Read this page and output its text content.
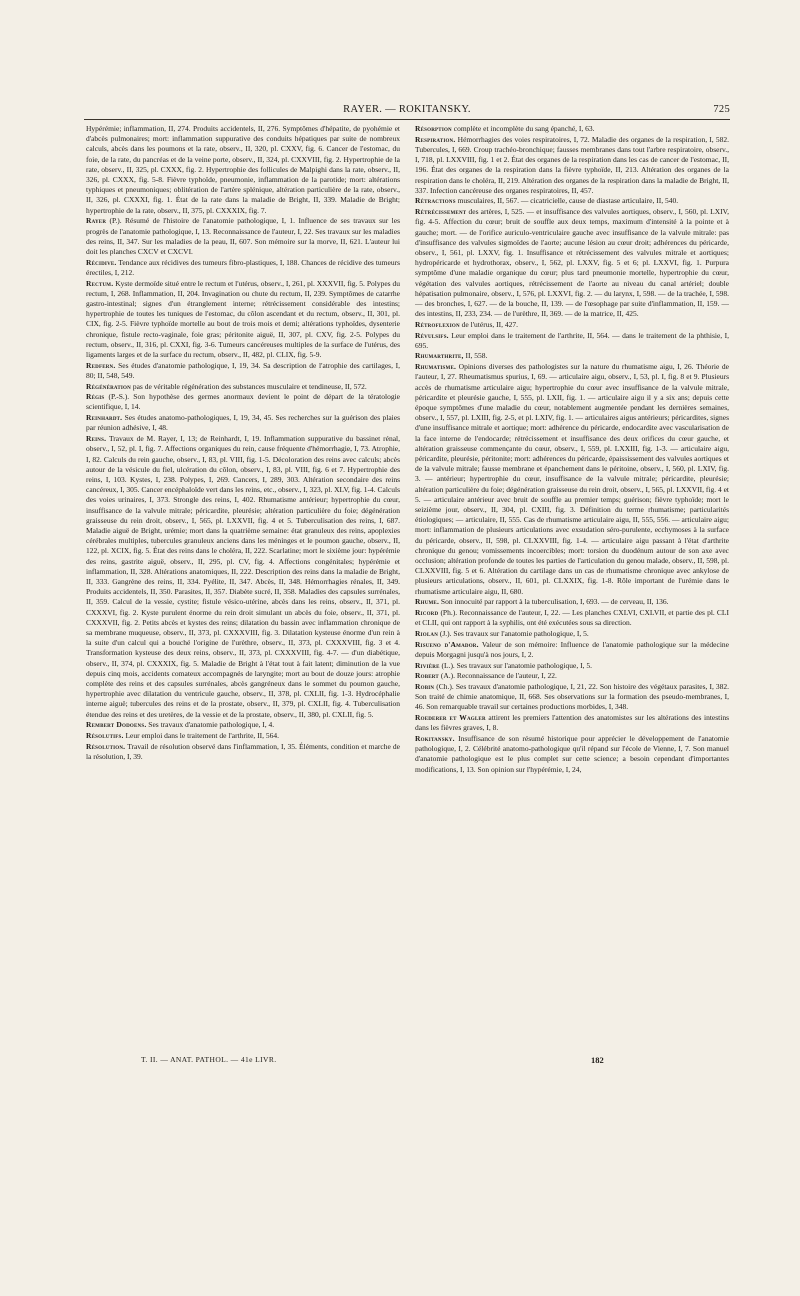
RAYER. — ROKITANSKY.	725

Hypérémie; inflammation, II, 274. Produits accidentels, II, 276. Symptômes d'hépatite, de pyohémie et d'abcès pulmonaires; mort: inflammation suppurative des conduits hépatiques par suite de nombreux calculs, abcès dans les poumons et la rate, observ., II, 320, pl. CXXV, fig. 6. Cancer de l'estomac, du foie, de la rate, du pancréas et de la veine porte, observ., II, 324, pl. CXXVIII, fig. 2. Hypertrophie de la rate, observ., II, 325, pl. CXXX, fig. 2. Hypertrophie des follicules de Malpighi dans la rate, observ., II, 326, pl. CXXX, fig. 5-8. Fièvre typhoïde, pneumonie, inflammation de la parotide; mort: altérations typhiques et pneumoniques; oblitération de l'artère splénique, altération particulière de la rate, observ., II, 326, pl. CXXXI, fig. 1. État de la rate dans la maladie de Bright, II, 339. Maladie de Bright; hypertrophie de la rate, observ., II, 375, pl. CXXXIX, fig. 7.

Rayer (P.). Résumé de l'histoire de l'anatomie pathologique, I, 1. Influence de ses travaux sur les progrès de l'anatomie pathologique, I, 13. Reconnaissance de l'auteur, I, 22. Ses travaux sur les maladies des reins, II, 347. Sur les maladies de la peau, II, 607. Son mémoire sur la morve, II, 621. L'auteur lui doit les planches CXCV et CXCVI.

Récidive. Tendance aux récidives des tumeurs fibro-plastiques, I, 188. Chances de récidive des tumeurs érectiles, I, 212.

Rectum. Kyste dermoïde situé entre le rectum et l'utérus, observ., I, 261, pl. XXXVII, fig. 5. Polypes du rectum, I, 268. Inflammation, II, 204. Invagination ou chute du rectum, II, 239. Symptômes de catarrhe gastro-intestinal; signes d'un étranglement interne; rétrécissement considérable des intestins; hypertrophie de toutes les tuniques de l'estomac, du côlon ascendant et du rectum, observ., II, 301, pl. CIX, fig. 2-5. Fièvre typhoïde mortelle au bout de trois mois et demi; altérations typhoïdes, dysenterie chronique, fistule recto-vaginale, foie gras; péritonite aiguë, II, 307, pl. CXV, fig. 2-5. Polypes du rectum, observ., II, 316, pl. CXXI, fig. 3-6. Tumeurs cancéreuses multiples de la surface de l'utérus, des ligaments larges et de la surface du rectum, observ., II, 482, pl. CLIX, fig. 5-9.

Redfern. Ses études d'anatomie pathologique, I, 19, 34. Sa description de l'atrophie des cartilages, I, 80; II, 548, 549.

Régénération pas de véritable régénération des substances musculaire et tendineuse, II, 572.

Régis (P.-S.). Son hypothèse des germes anormaux devient le point de départ de la tératologie scientifique, I, 14.

Reinhardt. Ses études anatomo-pathologiques, I, 19, 34, 45. Ses recherches sur la guérison des plaies par réunion adhésive, I, 48.

Reins. Travaux de M. Rayer, I, 13; de Reinhardt, I, 19. Inflammation suppurative du bassinet rénal, observ., I, 52, pl. I, fig. 7. Affections organiques du rein, cause fréquente d'hémorrhagie, I, 73. Atrophie, I, 82. Calculs du rein gauche, observ., I, 83, pl. VIII, fig. 1-5. Décoloration des reins avec calculs; abcès autour de la vésicule du fiel, ulcération du côlon, observ., I, 83, pl. VIII, fig. 6 et 7. Hypertrophie des reins, I, 103. Kystes, I, 238. Polypes, I, 269. Cancers, I, 289, 303. Altération secondaire des reins cancéreux, I, 305. Cancer encéphaloïde vert dans les reins, etc., observ., I, 323, pl. XLV, fig. 1-4. Calculs des voies urinaires, I, 373. Strongle des reins, I, 402. Rhumatisme antérieur; hypertrophie du cœur, insuffisance de la valvule mitrale; péricardite, pleurésie; altération particulière du foie; dégénération graisseuse du rein droit, observ., I, 565, pl. LXXVII, fig. 4 et 5. Tuberculisation des reins, I, 687. Maladie aiguë de Bright, urémie; mort dans la quatrième semaine: état granuleux des reins, apoplexies cérébrales multiples, tubercules granuleux anciens dans les méninges et le poumon gauche, observ., II, 122, pl. XCIX, fig. 5. État des reins dans le choléra, II, 222. Scarlatine; mort le sixième jour: hypérémie des reins, gastrite aiguë, observ., II, 295, pl. CV, fig. 4. Affections congénitales; hypérémie et inflammation, II, 328. Altérations anatomiques, II, 222. Description des reins dans la maladie de Bright, II, 333. Gangrène des reins, II, 334. Pyélite, II, 347. Abcès, II, 348. Hémorrhagies rénales, II, 349. Produits accidentels, II, 350. Parasites, II, 357. Diabète sucré, II, 358. Maladies des capsules surrénales, II, 359. Calcul de la vessie, cystite; fistule vésico-utérine, abcès dans les reins, observ., II, 371, pl. CXXXVI, fig. 2. Kyste purulent énorme du rein droit simulant un abcès du foie, observ., II, 371, pl. CXXXVII, fig. 2. Petits abcès et kystes des reins; dilatation du bassin avec inflammation chronique de sa membrane muqueuse, observ., II, 373, pl. CXXXVIII, fig. 3. Dilatation kysteuse énorme d'un rein à la suite d'un calcul qui a bouché l'origine de l'urèthre, observ., II, 373, pl. CXXXVIII, fig. 3 et 4. Transformation kysteuse des deux reins, observ., II, 373, pl. CXXXVIII, fig. 4-7. — d'un diabétique, observ., II, 374, pl. CXXXIX, fig. 5. Maladie de Bright à l'état tout à fait latent; diminution de la vue depuis cinq mois, accidents comateux accompagnés de laryngite; mort au bout de douze jours: atrophie complète des reins et des capsules surrénales, abcès gangréneux dans le sommet du poumon gauche, hypertrophie avec dilatation du ventricule gauche, observ., II, 378, pl. CXLII, fig. 1-3. Hydrocéphalie interne aiguë; tubercules des reins et de la prostate, observ., II, 379, pl. CXLII, fig. 4. Tuberculisation étendue des reins et des uretères, de la vessie et de la prostate, observ., II, 380, pl. CXLII, fig. 5.

Rembert Dodoens. Ses travaux d'anatomie pathologique, I, 4.

Résolutifs. Leur emploi dans le traitement de l'arthrite, II, 564.

Résolution. Travail de résolution observé dans l'inflammation, I, 35. Éléments, condition et marche de la résolution, I, 39.

Résorption complète et incomplète du sang épanché, I, 63.

Respiration. Hémorrhagies des voies respiratoires, I, 72. Maladie des organes de la respiration, I, 582. Tubercules, I, 669. Croup trachéo-bronchique; fausses membranes dans tout l'arbre respiratoire, observ., I, 718, pl. LXXVIII, fig. 1 et 2. État des organes de la respiration dans les cas de cancer de l'estomac, II, 196. État des organes de la respiration dans la fièvre typhoïde, II, 213. Altération des organes de la respiration dans le choléra, II, 219. Altération des organes de la respiration dans la maladie de Bright, II, 337. Infection cancéreuse des organes respiratoires, II, 457.

Rétractions musculaires, II, 567. — cicatricielle, cause de diastase articulaire, II, 540.

Rétrécissement des artères, I, 525. — et insuffisance des valvules aortiques, observ., I, 560, pl. LXIV, fig. 4-5. Affection du cœur; bruit de souffle aux deux temps, maximum d'intensité à la pointe et à gauche; mort. — de l'orifice auriculo-ventriculaire gauche avec insuffisance de la valvule mitrale: pas d'insuffisance des valvules sigmoïdes de l'aorte; aucune lésion au cœur droit; adhérences du péricarde, observ., I, 561, pl. LXXV, fig. 1. Insuffisance et rétrécissement des valvules mitrale et aortiques; hydropéricarde et hydrothorax, observ., I, 562, pl. LXXV, fig. 5 et 6; pl. LXXVI, fig. 1. Purpura symptôme d'une maladie organique du cœur; plus tard pneumonie mortelle, hypertrophie du cœur, végétation des valvules aortiques, rétrécissement de l'aorte au niveau du canal artériel; double hépatisation pulmonaire, observ., I, 576, pl. LXXVI, fig. 2. — du larynx, I, 598. — de la trachée, I, 598. — des bronches, I, 627. — de la bouche, II, 139. — de l'œsophage par suite d'inflammation, II, 159. — des intestins, II, 233, 234. — de l'urèthre, II, 369. — de la matrice, II, 425.

Rétroflexion de l'utérus, II, 427.

Révulsifs. Leur emploi dans le traitement de l'arthrite, II, 564. — dans le traitement de la phthisie, I, 695.

Rhumarthrite, II, 558.

Rhumatisme. Opinions diverses des pathologistes sur la nature du rhumatisme aigu, I, 26. Théorie de l'auteur, I, 27. Rheumatismus spurius, I, 69. — articulaire aigu, observ., I, 53, pl. I, fig. 8 et 9. Plusieurs accès de rhumatisme articulaire aigu; hypertrophie du cœur avec insuffisance de la valvule mitrale, péricardite et pleurésie gauche, I, 555, pl. LXII, fig. 1. — articulaire aigu il y a six ans; depuis cette époque symptômes d'une maladie du cœur, notablement augmentée pendant les dernières semaines, observ., I, 557, pl. LXIII, fig. 2-5, et pl. LXIV, fig. 1. — articulaires aigus antérieurs; péricardites, signes d'une insuffisance mitrale et aortique; mort: adhérence du péricarde, endocardite avec vascularisation de la face interne de l'endocarde; rétrécissement et insuffisance des deux orifices du cœur gauche, et altération graisseuse commençante du cœur, observ., I, 559, pl. LXXIII, fig. 1-3. — articulaire aigu, péricardite, pleurésie, péritonite; mort: adhérences du péricarde, épaississement des valvules aortiques et de la valvule mitrale; fausse membrane et épanchement dans le péritoine, observ., I, 560, pl. LXIV, fig. 3. — antérieur; hypertrophie du cœur, insuffisance de la valvule mitrale; péricardite, pleurésie; altération particulière du foie; dégénération graisseuse du rein droit, observ., I, 565, pl. LXXVII, fig. 4 et 5. — articulaire antérieur avec bruit de souffle au premier temps; guérison; fièvre typhoïde; mort le seizième jour, observ., II, 304, pl. CXIII, fig. 3. Définition du terme rhumatisme; particularités étiologiques; — articulaire, II, 555. Cas de rhumatisme articulaire aigu, II, 555, 556. — articulaire aigu; mort: inflammation de plusieurs articulations avec exsudation séro-purulente, ecchymoses à la surface du péricarde, observ., II, 598, pl. CLXXVIII, fig. 1-4. — articulaire aigu passant à l'état d'arthrite chronique du genou; vomissements incoercibles; mort: torsion du duodénum autour de son axe avec occlusion; altération profonde de toutes les parties de l'articulation du genou malade, observ., II, 598, pl. CLXXVIII, fig. 5 et 6. Altération du cartilage dans un cas de rhumatisme chronique avec ankylose de plusieurs articulations, observ., II, 601, pl. CLXXIX, fig. 1-8. Rôle important de l'urémie dans le rhumatisme articulaire aigu, II, 680.

Rhume. Son innocuité par rapport à la tuberculisation, I, 693. — de cerveau, II, 136.

Ricord (Ph.). Reconnaissance de l'auteur, I, 22. — Les planches CXLVI, CXLVII, et partie des pl. CLI et CLII, qui ont rapport à la syphilis, ont été exécutées sous sa direction.

Riolan (J.). Ses travaux sur l'anatomie pathologique, I, 5.

Risueno d'Amador. Valeur de son mémoire: Influence de l'anatomie pathologique sur la médecine depuis Morgagni jusqu'à nos jours, I, 2.

Rivière (L.). Ses travaux sur l'anatomie pathologique, I, 5.

Robert (A.). Reconnaissance de l'auteur, I, 22.

Robin (Ch.). Ses travaux d'anatomie pathologique, I, 21, 22. Son histoire des végétaux parasites, I, 382. Son traité de chimie anatomique, II, 668. Ses observations sur la formation des pseudo-membranes, I, 46. Son remarquable travail sur certaines productions morbides, I, 348.

Roederer et Wagler attirent les premiers l'attention des anatomistes sur les altérations des intestins dans les fièvres graves, I, 8.

Rokitansky. Insuffisance de son résumé historique pour apprécier le développement de l'anatomie pathologique, I, 2. Célébrité anatomo-pathologique qu'il répand sur l'école de Vienne, I, 7. Son manuel d'anatomie pathologique est le plus complet sur cette science; a besoin cependant d'importantes modifications, I, 13. Son opinion sur l'hypérémie, I, 24,

T. II. — ANAT. PATHOL. — 41e LIVR.	182
